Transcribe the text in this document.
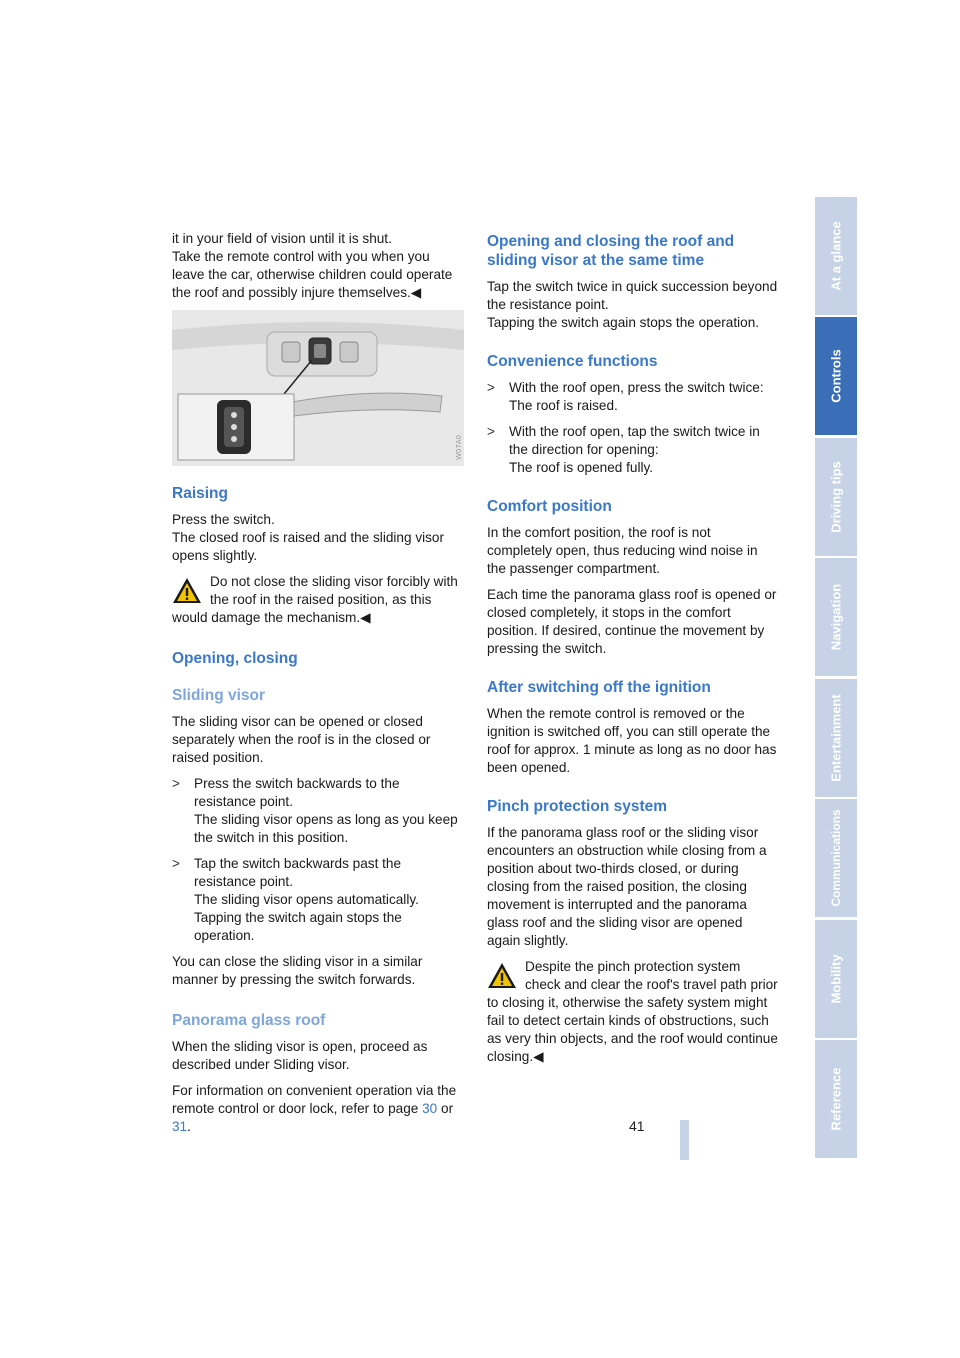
it in your field of vision until it is shut.

Take the remote control with you when you leave the car, otherwise children could operate the roof and possibly injure themselves.◀

W07A0
Raising

Press the switch.
The closed roof is raised and the sliding visor opens slightly.

Do not close the sliding visor forcibly with the roof in the raised position, as this would damage the mechanism.◀
Opening, closing
Sliding visor

The sliding visor can be opened or closed separately when the roof is in the closed or raised position.

> Press the switch backwards to the resistance point.
The sliding visor opens as long as you keep the switch in this position.
> Tap the switch backwards past the resistance point.
The sliding visor opens automatically. Tapping the switch again stops the operation.

You can close the sliding visor in a similar manner by pressing the switch forwards.

Panorama glass roof

When the sliding visor is open, proceed as described under Sliding visor.

For information on convenient operation via the remote control or door lock, refer to page 30 or 31.

Opening and closing the roof and sliding visor at the same time

Tap the switch twice in quick succession beyond the resistance point.
Tapping the switch again stops the operation.

Convenience functions
> With the roof open, press the switch twice:
The roof is raised.
> With the roof open, tap the switch twice in the direction for opening:
The roof is opened fully.
Comfort position

In the comfort position, the roof is not completely open, thus reducing wind noise in the passenger compartment.

Each time the panorama glass roof is opened or closed completely, it stops in the comfort position. If desired, continue the movement by pressing the switch.

After switching off the ignition

When the remote control is removed or the ignition is switched off, you can still operate the roof for approx. 1 minute as long as no door has been opened.

Pinch protection system

If the panorama glass roof or the sliding visor encounters an obstruction while closing from a position about two-thirds closed, or during closing from the raised position, the closing movement is interrupted and the panorama glass roof and the sliding visor are opened again slightly.

Despite the pinch protection system check and clear the roof's travel path prior to closing it, otherwise the safety system might fail to detect certain kinds of obstructions, such as very thin objects, and the roof would continue closing.◀
At a glance
Controls
Driving tips
Navigation
Entertainment
Communications
Mobility
Reference
41
